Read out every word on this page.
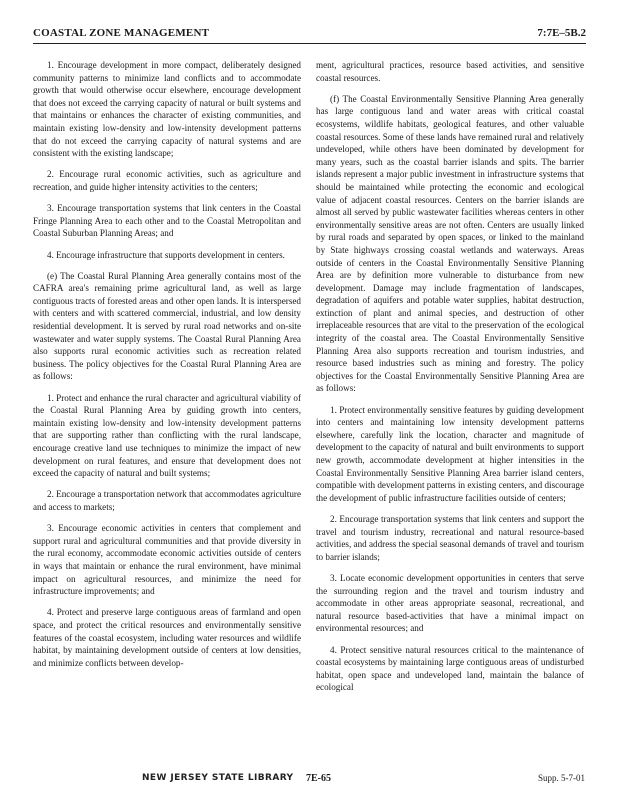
COASTAL ZONE MANAGEMENT	7:7E–5B.2

1. Encourage development in more compact, deliberately designed community patterns to minimize land conflicts and to accommodate growth that would otherwise occur elsewhere, encourage development that does not exceed the carrying capacity of natural or built systems and that maintains or enhances the character of existing communities, and maintain existing low-density and low-intensity development patterns that do not exceed the carrying capacity of natural systems and are consistent with the existing landscape;

2. Encourage rural economic activities, such as agriculture and recreation, and guide higher intensity activities to the centers;

3. Encourage transportation systems that link centers in the Coastal Fringe Planning Area to each other and to the Coastal Metropolitan and Coastal Suburban Planning Areas; and

4. Encourage infrastructure that supports development in centers.

(e) The Coastal Rural Planning Area generally contains most of the CAFRA area's remaining prime agricultural land, as well as large contiguous tracts of forested areas and other open lands. It is interspersed with centers and with scattered commercial, industrial, and low density residential development. It is served by rural road networks and on-site wastewater and water supply systems. The Coastal Rural Planning Area also supports rural economic activities such as recreation related business. The policy objectives for the Coastal Rural Planning Area are as follows:

1. Protect and enhance the rural character and agricultural viability of the Coastal Rural Planning Area by guiding growth into centers, maintain existing low-density and low-intensity development patterns that are supporting rather than conflicting with the rural landscape, encourage creative land use techniques to minimize the impact of new development on rural features, and ensure that development does not exceed the capacity of natural and built systems;

2. Encourage a transportation network that accommodates agriculture and access to markets;

3. Encourage economic activities in centers that complement and support rural and agricultural communities and that provide diversity in the rural economy, accommodate economic activities outside of centers in ways that maintain or enhance the rural environment, have minimal impact on agricultural resources, and minimize the need for infrastructure improvements; and

4. Protect and preserve large contiguous areas of farmland and open space, and protect the critical resources and environmentally sensitive features of the coastal ecosystem, including water resources and wildlife habitat, by maintaining development outside of centers at low densities, and minimize conflicts between develop-

ment, agricultural practices, resource based activities, and sensitive coastal resources.

(f) The Coastal Environmentally Sensitive Planning Area generally has large contiguous land and water areas with critical coastal ecosystems, wildlife habitats, geological features, and other valuable coastal resources. Some of these lands have remained rural and relatively undeveloped, while others have been dominated by development for many years, such as the coastal barrier islands and spits. The barrier islands represent a major public investment in infrastructure systems that should be maintained while protecting the economic and ecological value of adjacent coastal resources. Centers on the barrier islands are almost all served by public wastewater facilities whereas centers in other environmentally sensitive areas are not often. Centers are usually linked by rural roads and separated by open spaces, or linked to the mainland by State highways crossing coastal wetlands and waterways. Areas outside of centers in the Coastal Environmentally Sensitive Planning Area are by definition more vulnerable to disturbance from new development. Damage may include fragmentation of landscapes, degradation of aquifers and potable water supplies, habitat destruction, extinction of plant and animal species, and destruction of other irreplaceable resources that are vital to the preservation of the ecological integrity of the coastal area. The Coastal Environmentally Sensitive Planning Area also supports recreation and tourism industries, and resource based industries such as mining and forestry. The policy objectives for the Coastal Environmentally Sensitive Planning Area are as follows:

1. Protect environmentally sensitive features by guiding development into centers and maintaining low intensity development patterns elsewhere, carefully link the location, character and magnitude of development to the capacity of natural and built environments to support new growth, accommodate development at higher intensities in the Coastal Environmentally Sensitive Planning Area barrier island centers, compatible with development patterns in existing centers, and discourage the development of public infrastructure facilities outside of centers;

2. Encourage transportation systems that link centers and support the travel and tourism industry, recreational and natural resource-based activities, and address the special seasonal demands of travel and tourism to barrier islands;

3. Locate economic development opportunities in centers that serve the surrounding region and the travel and tourism industry and accommodate in other areas appropriate seasonal, recreational, and natural resource based-activities that have a minimal impact on environmental resources; and

4. Protect sensitive natural resources critical to the maintenance of coastal ecosystems by maintaining large contiguous areas of undisturbed habitat, open space and undeveloped land, maintain the balance of ecological

NEW JERSEY STATE LIBRARY 7E-65	Supp. 5-7-01
